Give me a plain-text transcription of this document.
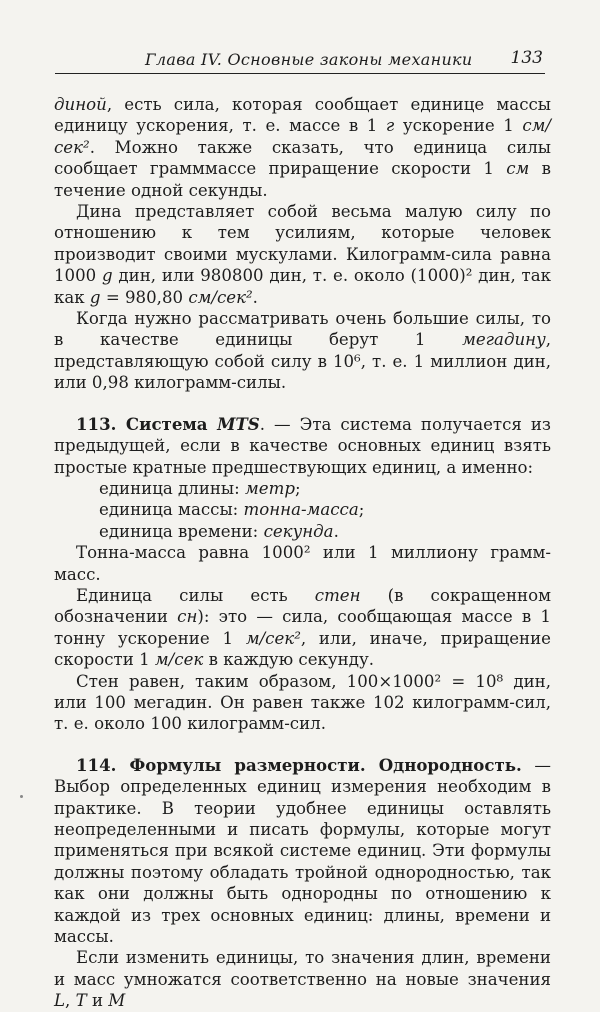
Глава IV. Основные законы механики 133

диной, есть сила, которая сообщает единице массы единицу ускорения, т. е. массе в 1 г ускорение 1 см/сек². Можно также сказать, что единица силы сообщает грамммассе приращение скорости 1 см в течение одной секунды.

Дина представляет собой весьма малую силу по отношению к тем усилиям, которые человек производит своими мускулами. Килограмм-сила равна 1000 g дин, или 980800 дин, т. е. около (1000)² дин, так как g = 980,80 см/сек².

Когда нужно рассматривать очень большие силы, то в качестве единицы берут 1 мегадину, представляющую собой силу в 10⁶, т. е. 1 миллион дин, или 0,98 килограмм-силы.

113. Система MTS. — Эта система получается из предыдущей, если в качестве основных единиц взять простые кратные предшествующих единиц, а именно:

единица длины: метр;

единица массы: тонна-масса;

единица времени: секунда.

Тонна-масса равна 1000² или 1 миллиону грамм-масс.

Единица силы есть стен (в сокращенном обозначении сн): это — сила, сообщающая массе в 1 тонну ускорение 1 м/сек², или, иначе, приращение скорости 1 м/сек в каждую секунду.

Стен равен, таким образом, 100×1000² = 10⁸ дин, или 100 мегадин. Он равен также 102 килограмм-сил, т. е. около 100 килограмм-сил.

114. Формулы размерности. Однородность. — Выбор определенных единиц измерения необходим в практике. В теории удобнее единицы оставлять неопределенными и писать формулы, которые могут применяться при всякой системе единиц. Эти формулы должны поэтому обладать тройной однородностью, так как они должны быть однородны по отношению к каждой из трех основных единиц: длины, времени и массы.

Если изменить единицы, то значения длин, времени и масс умножатся соответственно на новые значения L, T и M
